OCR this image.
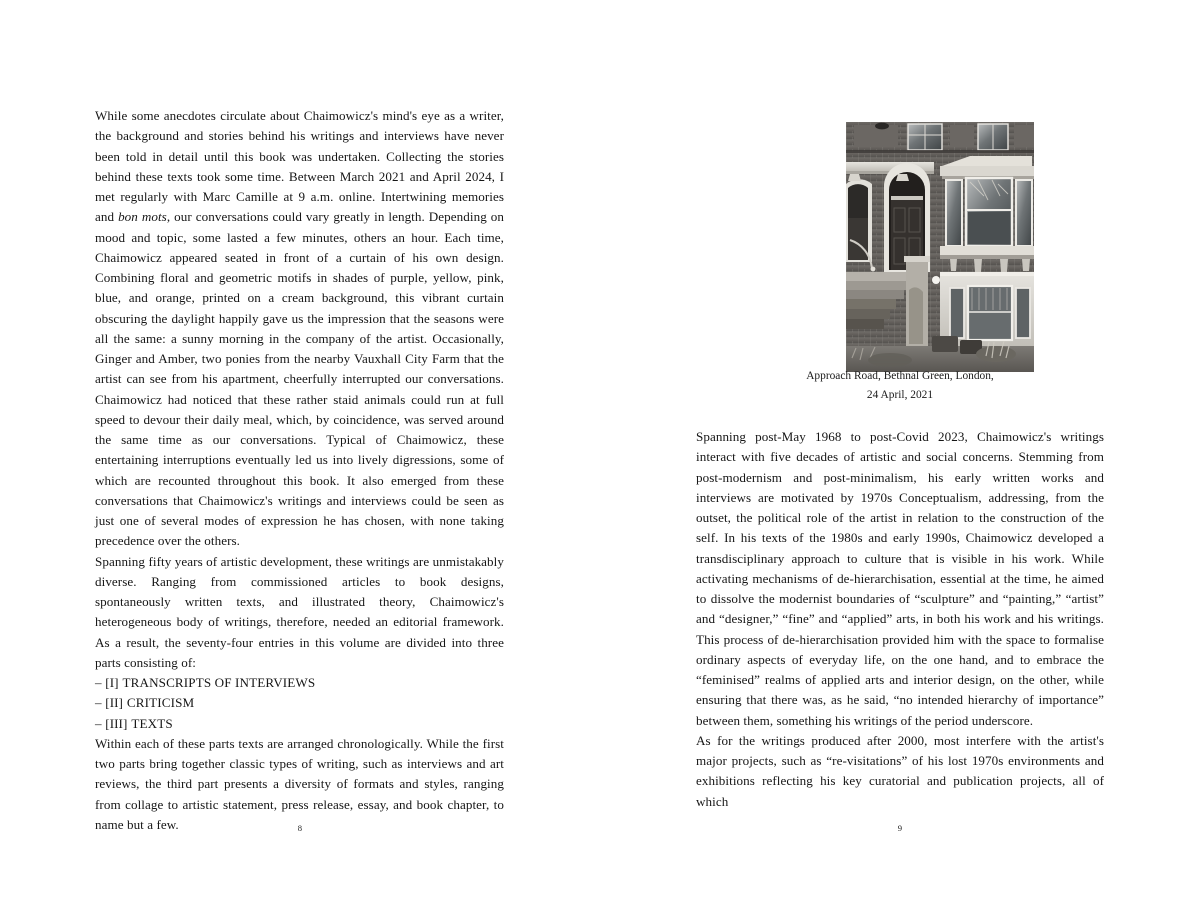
While some anecdotes circulate about Chaimowicz's mind's eye as a writer, the background and stories behind his writings and interviews have never been told in detail until this book was undertaken. Collecting the stories behind these texts took some time. Between March 2021 and April 2024, I met regularly with Marc Camille at 9 a.m. online. Intertwining memories and bon mots, our conversations could vary greatly in length. Depending on mood and topic, some lasted a few minutes, others an hour. Each time, Chaimowicz appeared seated in front of a curtain of his own design. Combining floral and geometric motifs in shades of purple, yellow, pink, blue, and orange, printed on a cream background, this vibrant curtain obscuring the daylight happily gave us the impression that the seasons were all the same: a sunny morning in the company of the artist. Occasionally, Ginger and Amber, two ponies from the nearby Vauxhall City Farm that the artist can see from his apartment, cheerfully interrupted our conversations. Chaimowicz had noticed that these rather staid animals could run at full speed to devour their daily meal, which, by coincidence, was served around the same time as our conversations. Typical of Chaimowicz, these entertaining interruptions eventually led us into lively digressions, some of which are recounted throughout this book. It also emerged from these conversations that Chaimowicz's writings and interviews could be seen as just one of several modes of expression he has chosen, with none taking precedence over the others.

Spanning fifty years of artistic development, these writings are unmistakably diverse. Ranging from commissioned articles to book designs, spontaneously written texts, and illustrated theory, Chaimowicz's heterogeneous body of writings, therefore, needed an editorial framework. As a result, the seventy-four entries in this volume are divided into three parts consisting of:

– [I] TRANSCRIPTS OF INTERVIEWS
– [II] CRITICISM
– [III] TEXTS

Within each of these parts texts are arranged chronologically. While the first two parts bring together classic types of writing, such as interviews and art reviews, the third part presents a diversity of formats and styles, ranging from collage to artistic statement, press release, essay, and book chapter, to name but a few.	8
Approach Road, Bethnal Green, London,
24 April, 2021

Spanning post-May 1968 to post-Covid 2023, Chaimowicz's writings interact with five decades of artistic and social concerns. Stemming from post-modernism and post-minimalism, his early written works and interviews are motivated by 1970s Conceptualism, addressing, from the outset, the political role of the artist in relation to the construction of the self. In his texts of the 1980s and early 1990s, Chaimowicz developed a transdisciplinary approach to culture that is visible in his work. While activating mechanisms of de-hierarchisation, essential at the time, he aimed to dissolve the modernist boundaries of “sculpture” and “painting,” “artist” and “designer,” “fine” and “applied” arts, in both his work and his writings. This process of de-hierarchisation provided him with the space to formalise ordinary aspects of everyday life, on the one hand, and to embrace the “feminised” realms of applied arts and interior design, on the other, while ensuring that there was, as he said, “no intended hierarchy of importance” between them, something his writings of the period underscore.

As for the writings produced after 2000, most interfere with the artist's major projects, such as “re-visitations” of his lost 1970s environments and exhibitions reflecting his key curatorial and publication projects, all of which

9
